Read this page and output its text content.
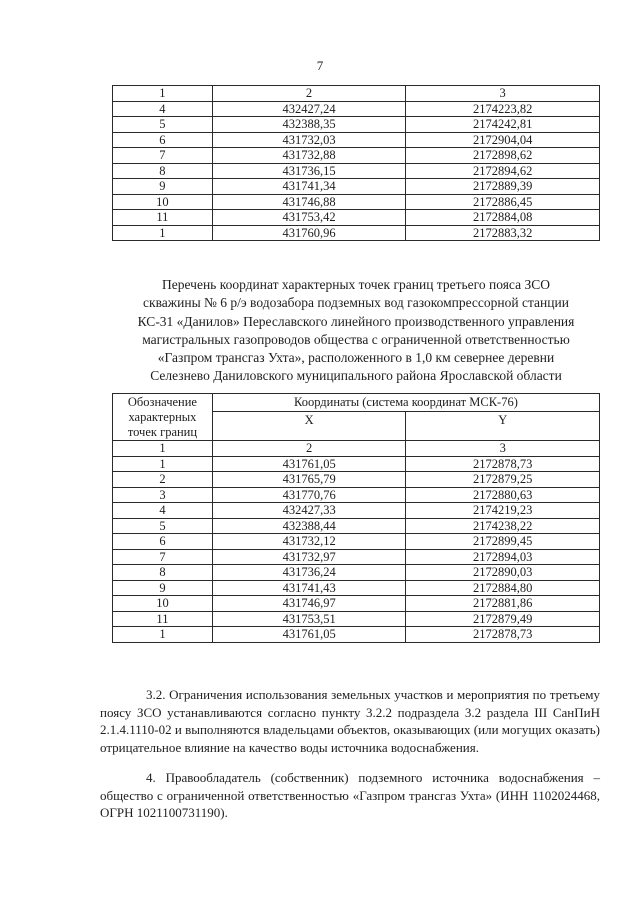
7
1	2	3
4	432427,24	2174223,82
5	432388,35	2174242,81
6	431732,03	2172904,04
7	431732,88	2172898,62
8	431736,15	2172894,62
9	431741,34	2172889,39
10	431746,88	2172886,45
11	431753,42	2172884,08
1	431760,96	2172883,32
Перечень координат характерных точек границ третьего пояса ЗСО
скважины № 6 р/э водозабора подземных вод газокомпрессорной станции
КС-31 «Данилов» Переславского линейного производственного управления
магистральных газопроводов общества с ограниченной ответственностью
«Газпром трансгаз Ухта», расположенного в 1,0 км севернее деревни
Селезнево Даниловского муниципального района Ярославской области
Обозначение характерных точек границ	Координаты (система координат МСК-76)	
	X	Y
1	2	3
1	431761,05	2172878,73
2	431765,79	2172879,25
3	431770,76	2172880,63
4	432427,33	2174219,23
5	432388,44	2174238,22
6	431732,12	2172899,45
7	431732,97	2172894,03
8	431736,24	2172890,03
9	431741,43	2172884,80
10	431746,97	2172881,86
11	431753,51	2172879,49
1	431761,05	2172878,73
3.2. Ограничения использования земельных участков и мероприятия по третьему поясу ЗСО устанавливаются согласно пункту 3.2.2 подраздела 3.2 раздела III СанПиН 2.1.4.1110-02 и выполняются владельцами объектов, оказывающих (или могущих оказать) отрицательное влияние на качество воды источника водоснабжения.
4. Правообладатель (собственник) подземного источника водоснабжения – общество с ограниченной ответственностью «Газпром трансгаз Ухта» (ИНН 1102024468, ОГРН 1021100731190).
